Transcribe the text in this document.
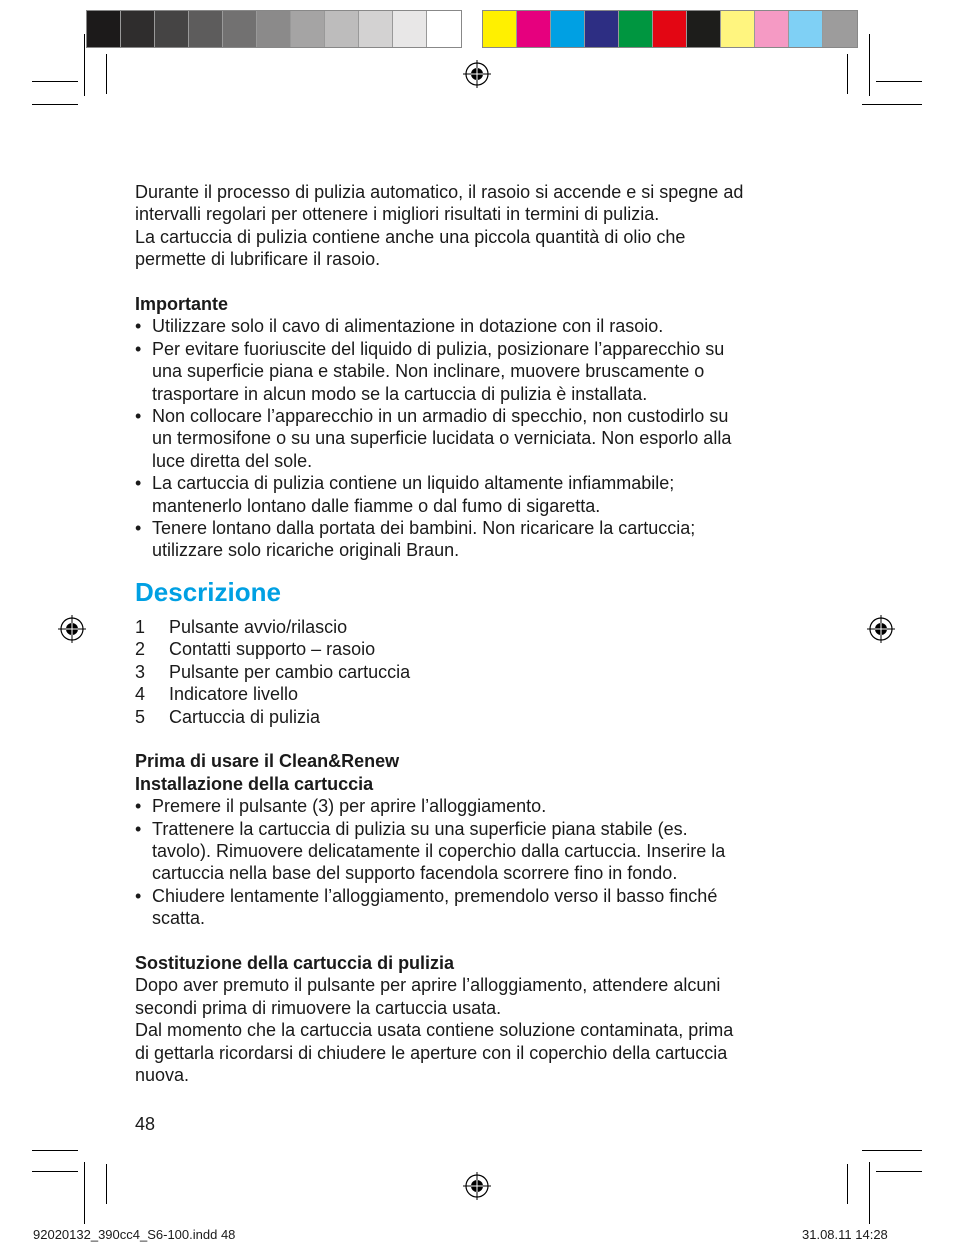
Durante il processo di pulizia automatico, il rasoio si accende e si spegne ad

intervalli regolari per ottenere i migliori risultati in termini di pulizia.

La cartuccia di pulizia contiene anche una piccola quantità di olio che

permette di lubrificare il rasoio.

Importante

• Utilizzare solo il cavo di alimentazione in dotazione con il rasoio.
• Per evitare fuoriuscite del liquido di pulizia, posizionare l’apparecchio su
una superficie piana e stabile. Non inclinare, muovere bruscamente o
trasportare in alcun modo se la cartuccia di pulizia è installata.
• Non collocare l’apparecchio in un armadio di specchio, non custodirlo su
un termosifone o su una superficie lucidata o verniciata. Non esporlo alla
luce diretta del sole.
• La cartuccia di pulizia contiene un liquido altamente infiammabile;
mantenerlo lontano dalle fiamme o dal fumo di sigaretta.
• Tenere lontano dalla portata dei bambini. Non ricaricare la cartuccia;
utilizzare solo ricariche originali Braun.
Descrizione
1	Pulsante avvio/rilascio
2	Contatti supporto – rasoio
3	Pulsante per cambio cartuccia
4	Indicatore livello
5	Cartuccia di pulizia

Prima di usare il Clean&Renew

Installazione della cartuccia

• Premere il pulsante (3) per aprire l’alloggiamento.
• Trattenere la cartuccia di pulizia su una superficie piana stabile (es.
tavolo). Rimuovere delicatamente il coperchio dalla cartuccia. Inserire la
cartuccia nella base del supporto facendola scorrere fino in fondo.
• Chiudere lentamente l’alloggiamento, premendolo verso il basso finché
scatta.

Sostituzione della cartuccia di pulizia

Dopo aver premuto il pulsante per aprire l’alloggiamento, attendere alcuni

secondi prima di rimuovere la cartuccia usata.

Dal momento che la cartuccia usata contiene soluzione contaminata, prima

di gettarla ricordarsi di chiudere le aperture con il coperchio della cartuccia

nuova.

48
92020132_390cc4_S6-100.indd 48	31.08.11 14:28
